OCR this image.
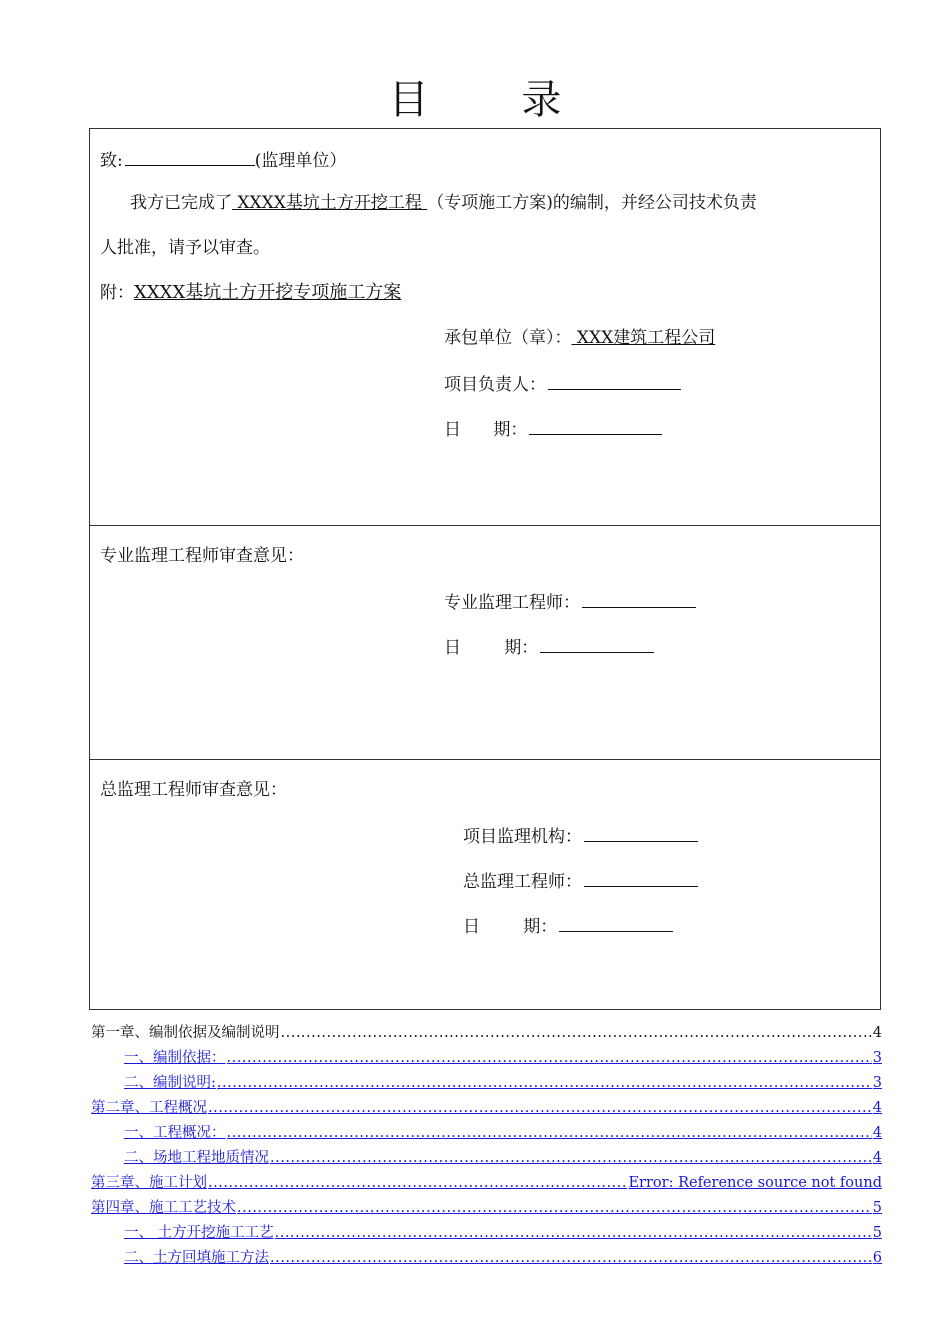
目 录
致:	(监理单位）
我方已完成了 XXXX基坑土方开挖工程 （专项施工方案)的编制，并经公司技术负责
人批准，请予以审查。
附：XXXX基坑土方开挖专项施工方案
承包单位（章）： XXX建筑工程公司
项目负责人：
日      期：
专业监理工程师审查意见：
专业监理工程师：
日        期：
总监理工程师审查意见：
项目监理机构：
总监理工程师：
日        期：
第一章、编制依据及编制说明 .....	4
一、编制依据： .....	3
二、编制说明: .....	3
第二章、工程概况 .....	4
一、工程概况： .....	4
二、场地工程地质情况 .....	4
第三章、施工计划 .....	Error: Reference source not found
第四章、施工工艺技术 .....	5
一、 土方开挖施工工艺 .....	5
二、土方回填施工方法 .....	6
